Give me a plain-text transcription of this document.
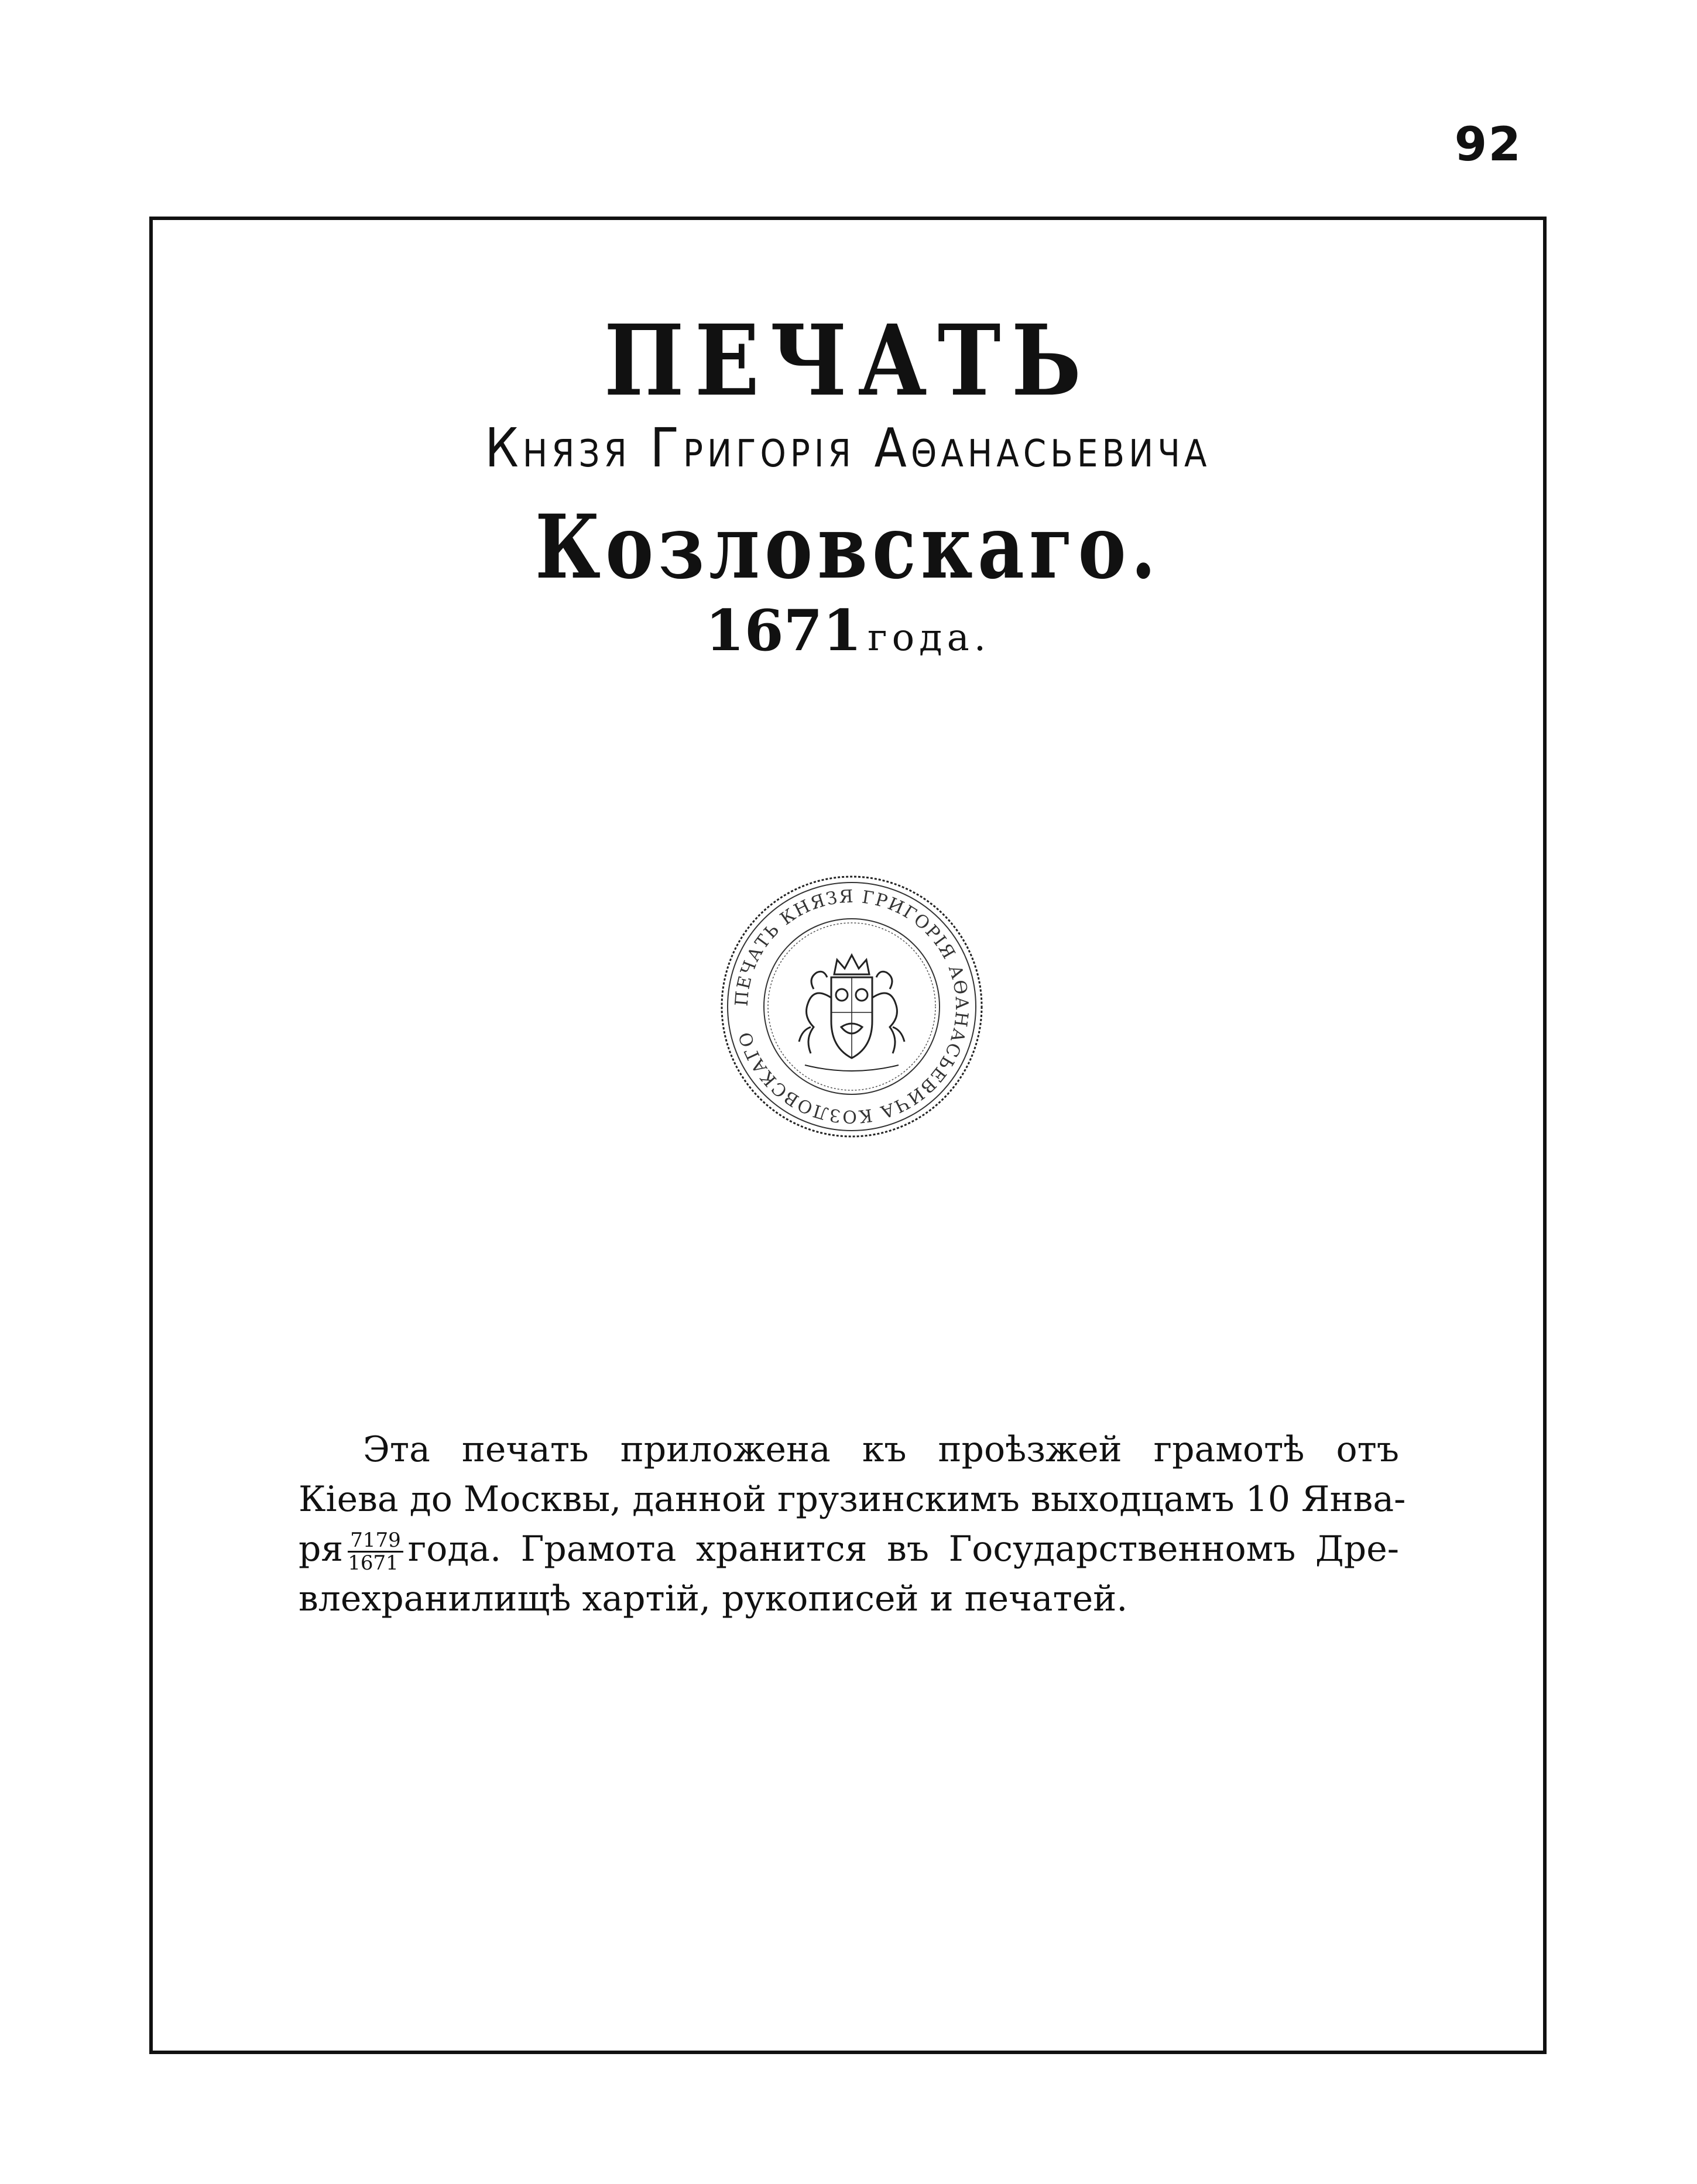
92
ПЕЧАТЬ
Князя Григорія Аθанасьевича
Козловскаго.
1671 года.
ПЕЧАТЬ КНЯЗЯ ГРИГОРІЯ АѲАНАСЬЕВИЧА КОЗЛОВСКАГО
Эта печать приложена къ проѣзжей грамотѣ отъ
Кіева до Москвы, данной грузинскимъ выходцамъ 10 Янва-
ря $\frac{7179}{1671}$ года. Грамота хранится въ Государственномъ Дре-
влехранилищѣ хартій, рукописей и печатей.
